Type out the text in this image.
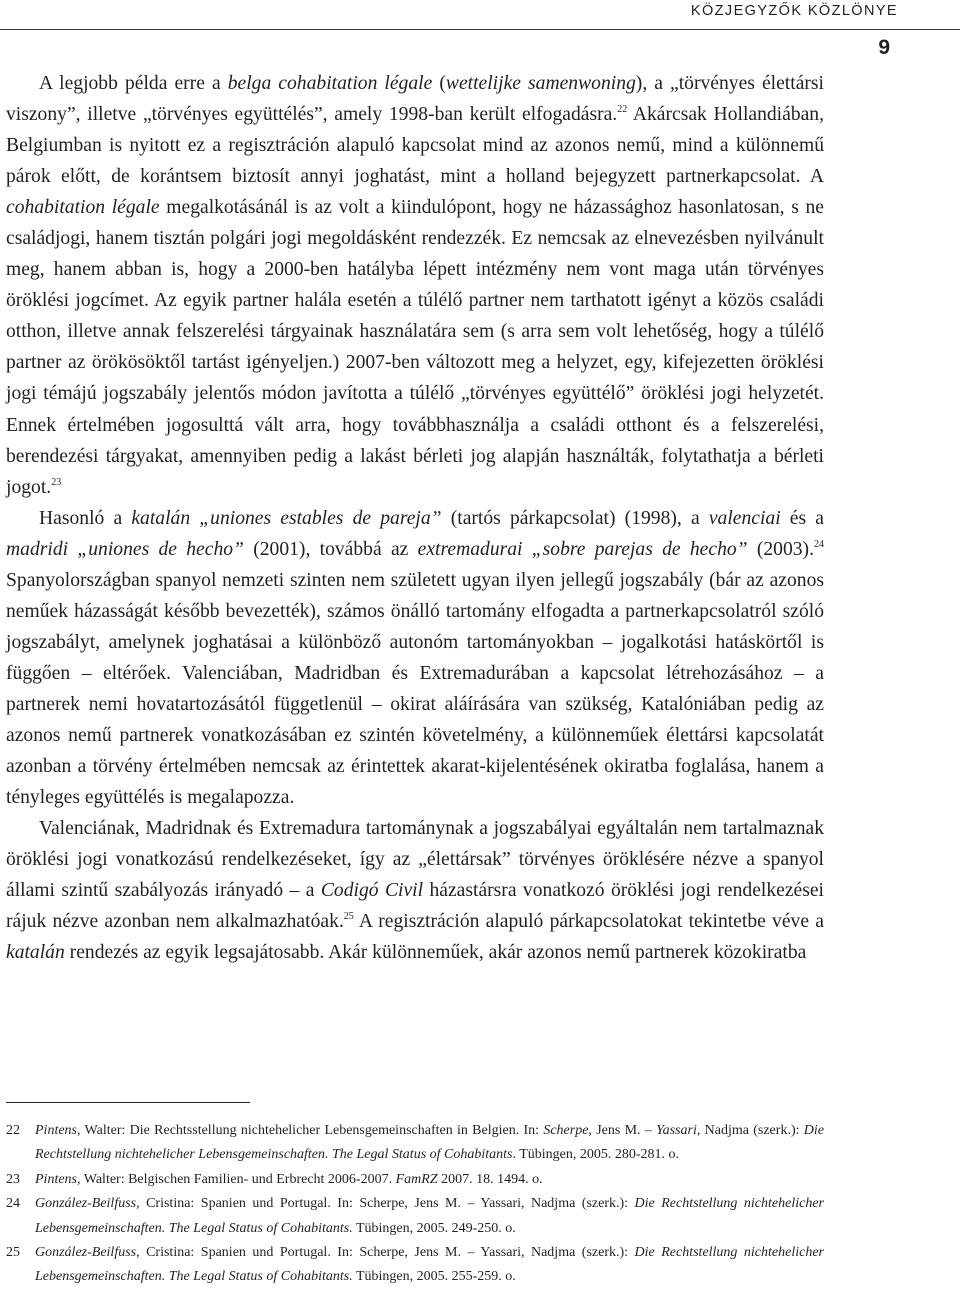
KÖZJEGYZŐK KÖZLÖNYE
9

A legjobb példa erre a belga cohabitation légale (wettelijke samenwoning), a „törvényes élettársi viszony”, illetve „törvényes együttélés”, amely 1998-ban került elfogadásra.$^{22}$ Akárcsak Hollandiában, Belgiumban is nyitott ez a regisztráción alapuló kapcsolat mind az azonos nemű, mind a különnemű párok előtt, de korántsem biztosít annyi joghatást, mint a holland bejegyzett partnerkapcsolat. A cohabitation légale megalkotásánál is az volt a kiindulópont, hogy ne házassághoz hasonlatosan, s ne családjogi, hanem tisztán polgári jogi megoldásként rendezzék. Ez nemcsak az elnevezésben nyilvánult meg, hanem abban is, hogy a 2000-ben hatályba lépett intézmény nem vont maga után törvényes öröklési jogcímet. Az egyik partner halála esetén a túlélő partner nem tarthatott igényt a közös családi otthon, illetve annak felszerelési tárgyainak használatára sem (s arra sem volt lehetőség, hogy a túlélő partner az örökösöktől tartást igényeljen.) 2007-ben változott meg a helyzet, egy, kifejezetten öröklési jogi témájú jogszabály jelentős módon javította a túlélő „törvényes együttélő” öröklési jogi helyzetét. Ennek értelmében jogosulttá vált arra, hogy továbbhasználja a családi otthont és a felszerelési, berendezési tárgyakat, amennyiben pedig a lakást bérleti jog alapján használták, folytathatja a bérleti jogot.$^{23}$

Hasonló a katalán „uniones estables de pareja” (tartós párkapcsolat) (1998), a valenciai és a madridi „uniones de hecho” (2001), továbbá az extremadurai „sobre parejas de hecho” (2003).$^{24}$ Spanyolországban spanyol nemzeti szinten nem született ugyan ilyen jellegű jogszabály (bár az azonos neműek házasságát később bevezették), számos önálló tartomány elfogadta a partnerkapcsolatról szóló jogszabályt, amelynek joghatásai a különböző autonóm tartományokban – jogalkotási hatáskörtől is függően – eltérőek. Valenciában, Madridban és Extremadurában a kapcsolat létrehozásához – a partnerek nemi hovatartozásától függetlenül – okirat aláírására van szükség, Katalóniában pedig az azonos nemű partnerek vonatkozásában ez szintén követelmény, a különneműek élettársi kapcsolatát azonban a törvény értelmében nemcsak az érintettek akarat-kijelentésének okiratba foglalása, hanem a tényleges együttélés is megalapozza.

Valenciának, Madridnak és Extremadura tartománynak a jogszabályai egyáltalán nem tartalmaznak öröklési jogi vonatkozású rendelkezéseket, így az „élettársak” törvényes öröklésére nézve a spanyol állami szintű szabályozás irányadó – a Codigó Civil házastársra vonatkozó öröklési jogi rendelkezései rájuk nézve azonban nem alkalmazhatóak.$^{25}$ A regisztráción alapuló párkapcsolatokat tekintetbe véve a katalán rendezés az egyik legsajátosabb. Akár különneműek, akár azonos nemű partnerek közokiratba

22 Pintens, Walter: Die Rechtsstellung nichtehelicher Lebensgemeinschaften in Belgien. In: Scherpe, Jens M. – Yassari, Nadjma (szerk.): Die Rechtstellung nichtehelicher Lebensgemeinschaften. The Legal Status of Cohabitants. Tübingen, 2005. 280-281. o.
23 Pintens, Walter: Belgischen Familien- und Erbrecht 2006-2007. FamRZ 2007. 18. 1494. o.
24 González-Beilfuss, Cristina: Spanien und Portugal. In: Scherpe, Jens M. – Yassari, Nadjma (szerk.): Die Rechtstellung nichtehelicher Lebensgemeinschaften. The Legal Status of Cohabitants. Tübingen, 2005. 249-250. o.
25 González-Beilfuss, Cristina: Spanien und Portugal. In: Scherpe, Jens M. – Yassari, Nadjma (szerk.): Die Rechtstellung nichtehelicher Lebensgemeinschaften. The Legal Status of Cohabitants. Tübingen, 2005. 255-259. o.
